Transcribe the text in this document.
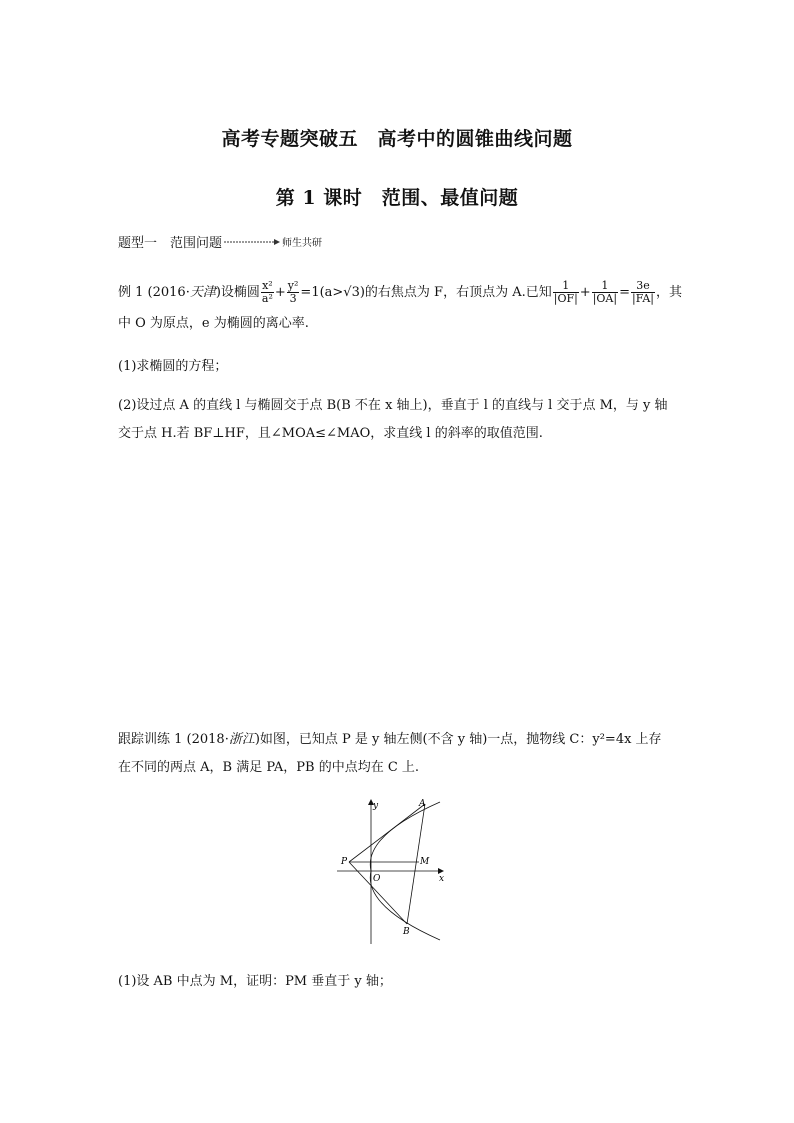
高考专题突破五　高考中的圆锥曲线问题
第 1 课时　范围、最值问题
题型一　范围问题	师生共研
例 1 (2016·天津)设椭圆 $\frac{\text{x²}}{\text{a²}} + \frac{\text{y²}}{3} =1(a>√3)$的右焦点为 F，右顶点为 A.已知 $\frac{1}{|OF|} + \frac{1}{|OA|} = \frac{3e}{|FA|}$ ，其
中 O 为原点，e 为椭圆的离心率.
(1)求椭圆的方程；
(2)设过点 A 的直线 l 与椭圆交于点 B(B 不在 x 轴上)，垂直于 l 的直线与 l 交于点 M，与 y 轴
交于点 H.若 BF⊥HF，且∠MOA≤∠MAO，求直线 l 的斜率的取值范围.
跟踪训练 1 (2018·浙江)如图，已知点 P 是 y 轴左侧(不含 y 轴)一点，抛物线 C：y²=4x 上存
在不同的两点 A，B 满足 PA，PB 的中点均在 C 上.
y
x
A
B
P
O
M
(1)设 AB 中点为 M，证明：PM 垂直于 y 轴；
